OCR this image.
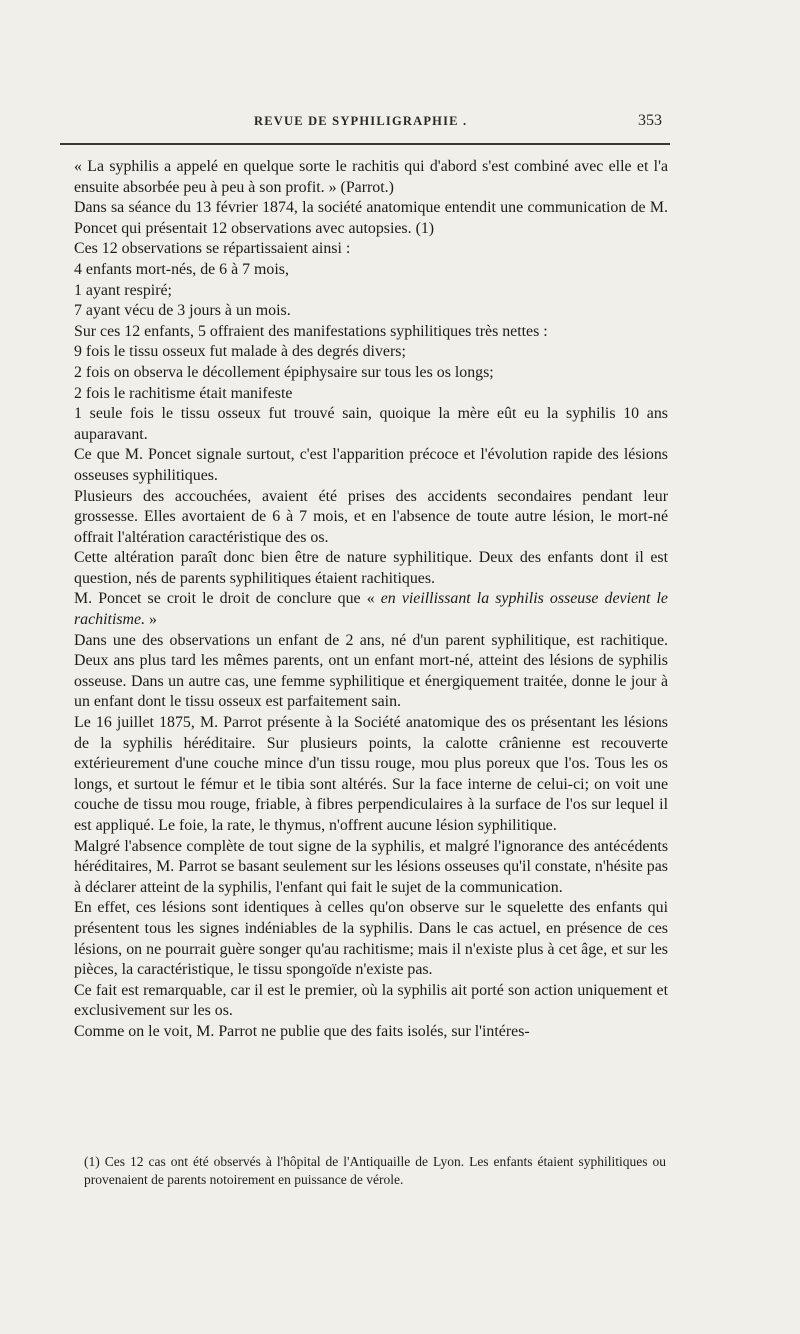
REVUE DE SYPHILIGRAPHIE .	353

« La syphilis a appelé en quelque sorte le rachitis qui d'abord s'est combiné avec elle et l'a ensuite absorbée peu à peu à son profit. » (Parrot.)

Dans sa séance du 13 février 1874, la société anatomique entendit une communication de M. Poncet qui présentait 12 observations avec autopsies. (1)

Ces 12 observations se répartissaient ainsi :

4 enfants mort-nés, de 6 à 7 mois,

1 ayant respiré;

7 ayant vécu de 3 jours à un mois.

Sur ces 12 enfants, 5 offraient des manifestations syphilitiques très nettes :

9 fois le tissu osseux fut malade à des degrés divers;

2 fois on observa le décollement épiphysaire sur tous les os longs;

2 fois le rachitisme était manifeste

1 seule fois le tissu osseux fut trouvé sain, quoique la mère eût eu la syphilis 10 ans auparavant.

Ce que M. Poncet signale surtout, c'est l'apparition précoce et l'évolution rapide des lésions osseuses syphilitiques.

Plusieurs des accouchées, avaient été prises des accidents secondaires pendant leur grossesse. Elles avortaient de 6 à 7 mois, et en l'absence de toute autre lésion, le mort-né offrait l'altération caractéristique des os.

Cette altération paraît donc bien être de nature syphilitique. Deux des enfants dont il est question, nés de parents syphilitiques étaient rachitiques.

M. Poncet se croit le droit de conclure que « en vieillissant la syphilis osseuse devient le rachitisme. »

Dans une des observations un enfant de 2 ans, né d'un parent syphilitique, est rachitique. Deux ans plus tard les mêmes parents, ont un enfant mort-né, atteint des lésions de syphilis osseuse. Dans un autre cas, une femme syphilitique et énergiquement traitée, donne le jour à un enfant dont le tissu osseux est parfaitement sain.

Le 16 juillet 1875, M. Parrot présente à la Société anatomique des os présentant les lésions de la syphilis héréditaire. Sur plusieurs points, la calotte crânienne est recouverte extérieurement d'une couche mince d'un tissu rouge, mou plus poreux que l'os. Tous les os longs, et surtout le fémur et le tibia sont altérés. Sur la face interne de celui-ci; on voit une couche de tissu mou rouge, friable, à fibres perpendiculaires à la surface de l'os sur lequel il est appliqué. Le foie, la rate, le thymus, n'offrent aucune lésion syphilitique.

Malgré l'absence complète de tout signe de la syphilis, et malgré l'ignorance des antécédents héréditaires, M. Parrot se basant seulement sur les lésions osseuses qu'il constate, n'hésite pas à déclarer atteint de la syphilis, l'enfant qui fait le sujet de la communication.

En effet, ces lésions sont identiques à celles qu'on observe sur le squelette des enfants qui présentent tous les signes indéniables de la syphilis. Dans le cas actuel, en présence de ces lésions, on ne pourrait guère songer qu'au rachitisme; mais il n'existe plus à cet âge, et sur les pièces, la caractéristique, le tissu spongoïde n'existe pas.

Ce fait est remarquable, car il est le premier, où la syphilis ait porté son action uniquement et exclusivement sur les os.

Comme on le voit, M. Parrot ne publie que des faits isolés, sur l'intéres-

(1) Ces 12 cas ont été observés à l'hôpital de l'Antiquaille de Lyon. Les enfants étaient syphilitiques ou provenaient de parents notoirement en puissance de vérole.
